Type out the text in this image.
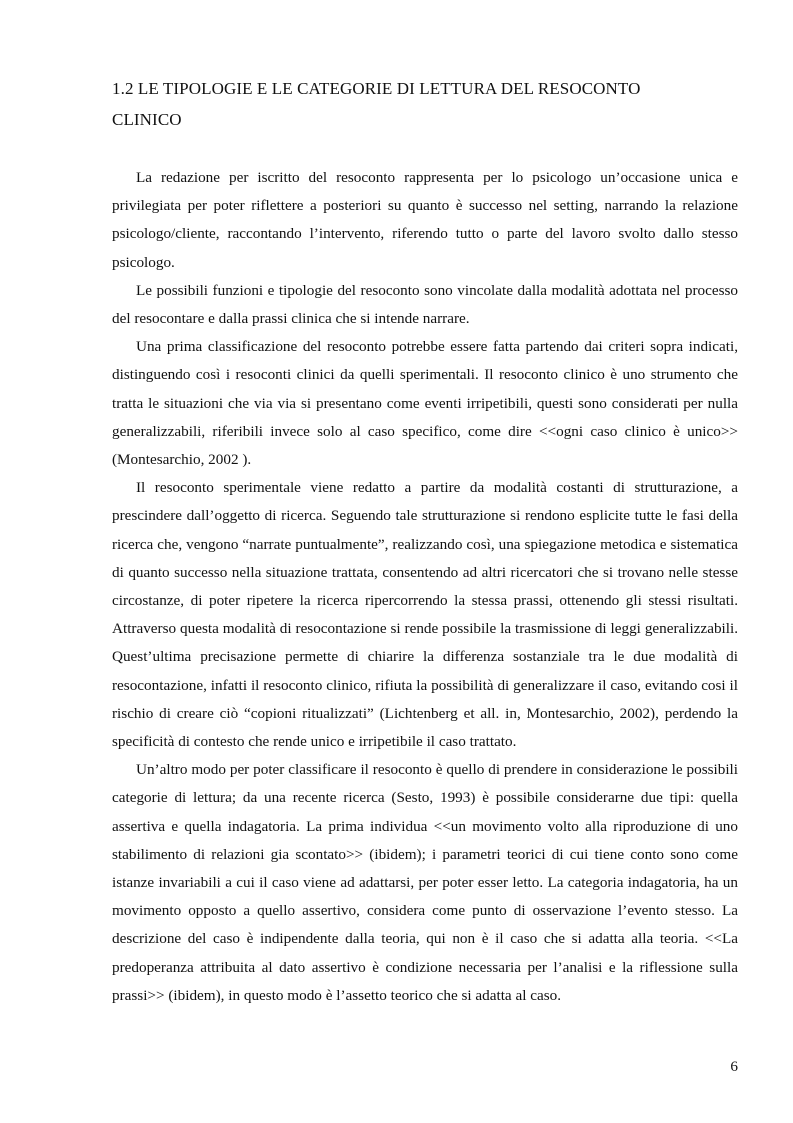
1.2 LE TIPOLOGIE E LE CATEGORIE DI LETTURA DEL RESOCONTO CLINICO

La redazione per iscritto del resoconto rappresenta per lo psicologo un’occasione unica e privilegiata per poter riflettere a posteriori su quanto è successo nel setting, narrando la relazione psicologo/cliente, raccontando l’intervento, riferendo tutto o parte del lavoro svolto dallo stesso psicologo.

Le possibili funzioni e tipologie del resoconto sono vincolate dalla modalità adottata nel processo del resocontare e dalla prassi clinica che si intende narrare.

Una prima classificazione del resoconto potrebbe essere fatta partendo dai criteri sopra indicati, distinguendo così i resoconti clinici da quelli sperimentali. Il resoconto clinico è uno strumento che tratta le situazioni che via via si presentano come eventi irripetibili, questi sono considerati per nulla generalizzabili, riferibili invece solo al caso specifico, come dire <<ogni caso clinico è unico>> (Montesarchio, 2002 ).

Il resoconto sperimentale viene redatto a partire da modalità costanti di strutturazione, a prescindere dall’oggetto di ricerca. Seguendo tale strutturazione si rendono esplicite tutte le fasi della ricerca che, vengono “narrate puntualmente”, realizzando così, una spiegazione metodica e sistematica di quanto successo nella situazione trattata, consentendo ad altri ricercatori che si trovano nelle stesse circostanze, di poter ripetere la ricerca ripercorrendo la stessa prassi, ottenendo gli stessi risultati. Attraverso questa modalità di resocontazione si rende possibile la trasmissione di leggi generalizzabili. Quest’ultima precisazione permette di chiarire la differenza sostanziale tra le due modalità di resocontazione, infatti il resoconto clinico, rifiuta la possibilità di generalizzare il caso, evitando cosi il rischio di creare ciò “copioni ritualizzati” (Lichtenberg et all. in, Montesarchio, 2002), perdendo la specificità di contesto che rende unico e irripetibile il caso trattato.

Un’altro modo per poter classificare il resoconto è quello di prendere in considerazione le possibili categorie di lettura; da una recente ricerca (Sesto, 1993) è possibile considerarne due tipi: quella assertiva e quella indagatoria. La prima individua <<un movimento volto alla riproduzione di uno stabilimento di relazioni gia scontato>> (ibidem); i parametri teorici di cui tiene conto sono come istanze invariabili a cui il caso viene ad adattarsi, per poter esser letto. La categoria indagatoria, ha un movimento opposto a quello assertivo, considera come punto di osservazione l’evento stesso. La descrizione del caso è indipendente dalla teoria, qui non è il caso che si adatta alla teoria. <<La predoperanza attribuita al dato assertivo è condizione necessaria per l’analisi e la riflessione sulla prassi>> (ibidem), in questo modo è l’assetto teorico che si adatta al caso.

6
